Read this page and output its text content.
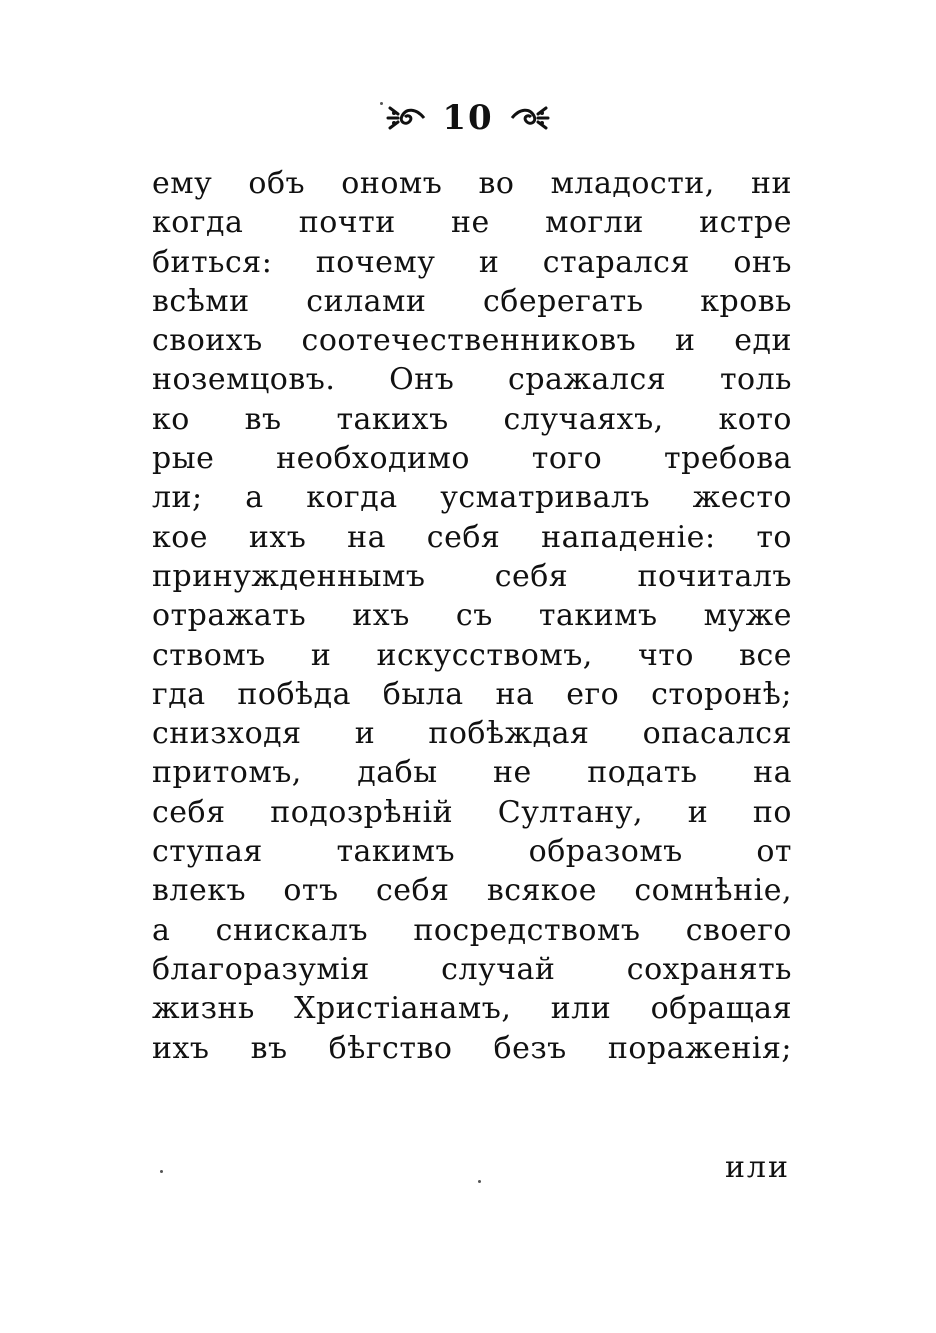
10
ему объ ономъ во младости, ни
когда почти не могли истре
биться: почему и старался онъ
всѣми силами сберегать кровь
своихъ соотечественниковъ и еди
ноземцовъ. Онъ сражался толь
ко въ такихъ случаяхъ, кото
рые необходимо того требова
ли; а когда усматривалъ жесто
кое ихъ на себя нападеніе: то
принужденнымъ себя почиталъ
отражать ихъ съ такимъ муже
ствомъ и искусствомъ, что все
гда побѣда была на его сторонѣ;
снизходя и побѣждая опасался
притомъ, дабы не подать на
себя подозрѣній Султану, и по
ступая такимъ образомъ от
влекъ отъ себя всякое сомнѣніе,
а снискалъ посредствомъ своего
благоразумія случай сохранять
жизнь Христіанамъ, или обращая
ихъ въ бѣгство безъ пораженія;
или
